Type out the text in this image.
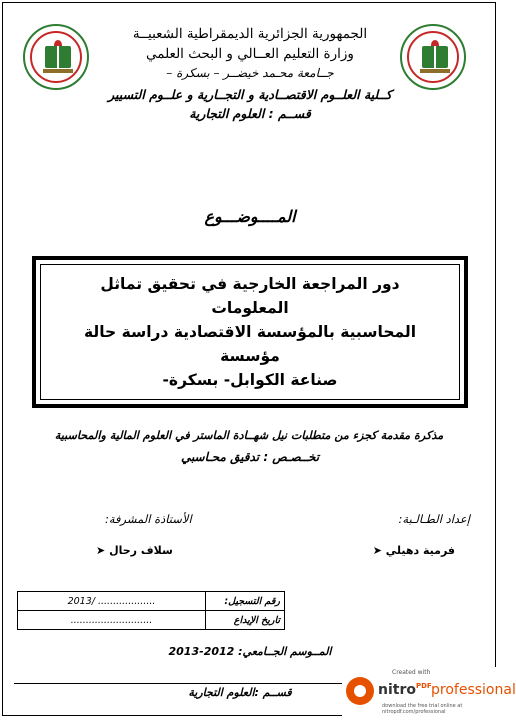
الجمهورية الجزائرية الديمقراطية الشعبيــة
وزارة التعليم العــالي و البحث العلمي
جــامعة محـمد خيضــر – بسكرة –
كــلية العلــوم الاقتصــادية و التجــارية و علــوم التسيير
قســم : العلوم التجارية
المــــوضـــوع
دور المراجعة الخارجية في تحقيق تماثل المعلومات
المحاسبية بالمؤسسة الاقتصادية دراسة حالة مؤسسة
صناعة الكوابل- بسكرة-
مذكرة مقدمة كجزء من متطلبات نيل شهــادة الماستر في العلوم المالية والمحاسبية
تخــصـص : تدقيق محـاسبي
إعداد الطـالـبة:
الأستاذة المشرفة:
فرمية دهيلي ➤
سلاف رحال ➤
................... /2013	رقم التسجيل:
...........................	تاريخ الإيداع
المــوسم الجــامعي: 2012-2013
قســم :العلوم التجارية
Created with
nitro$^{PDF}$ professional
download the free trial online at nitropdf.com/professional
